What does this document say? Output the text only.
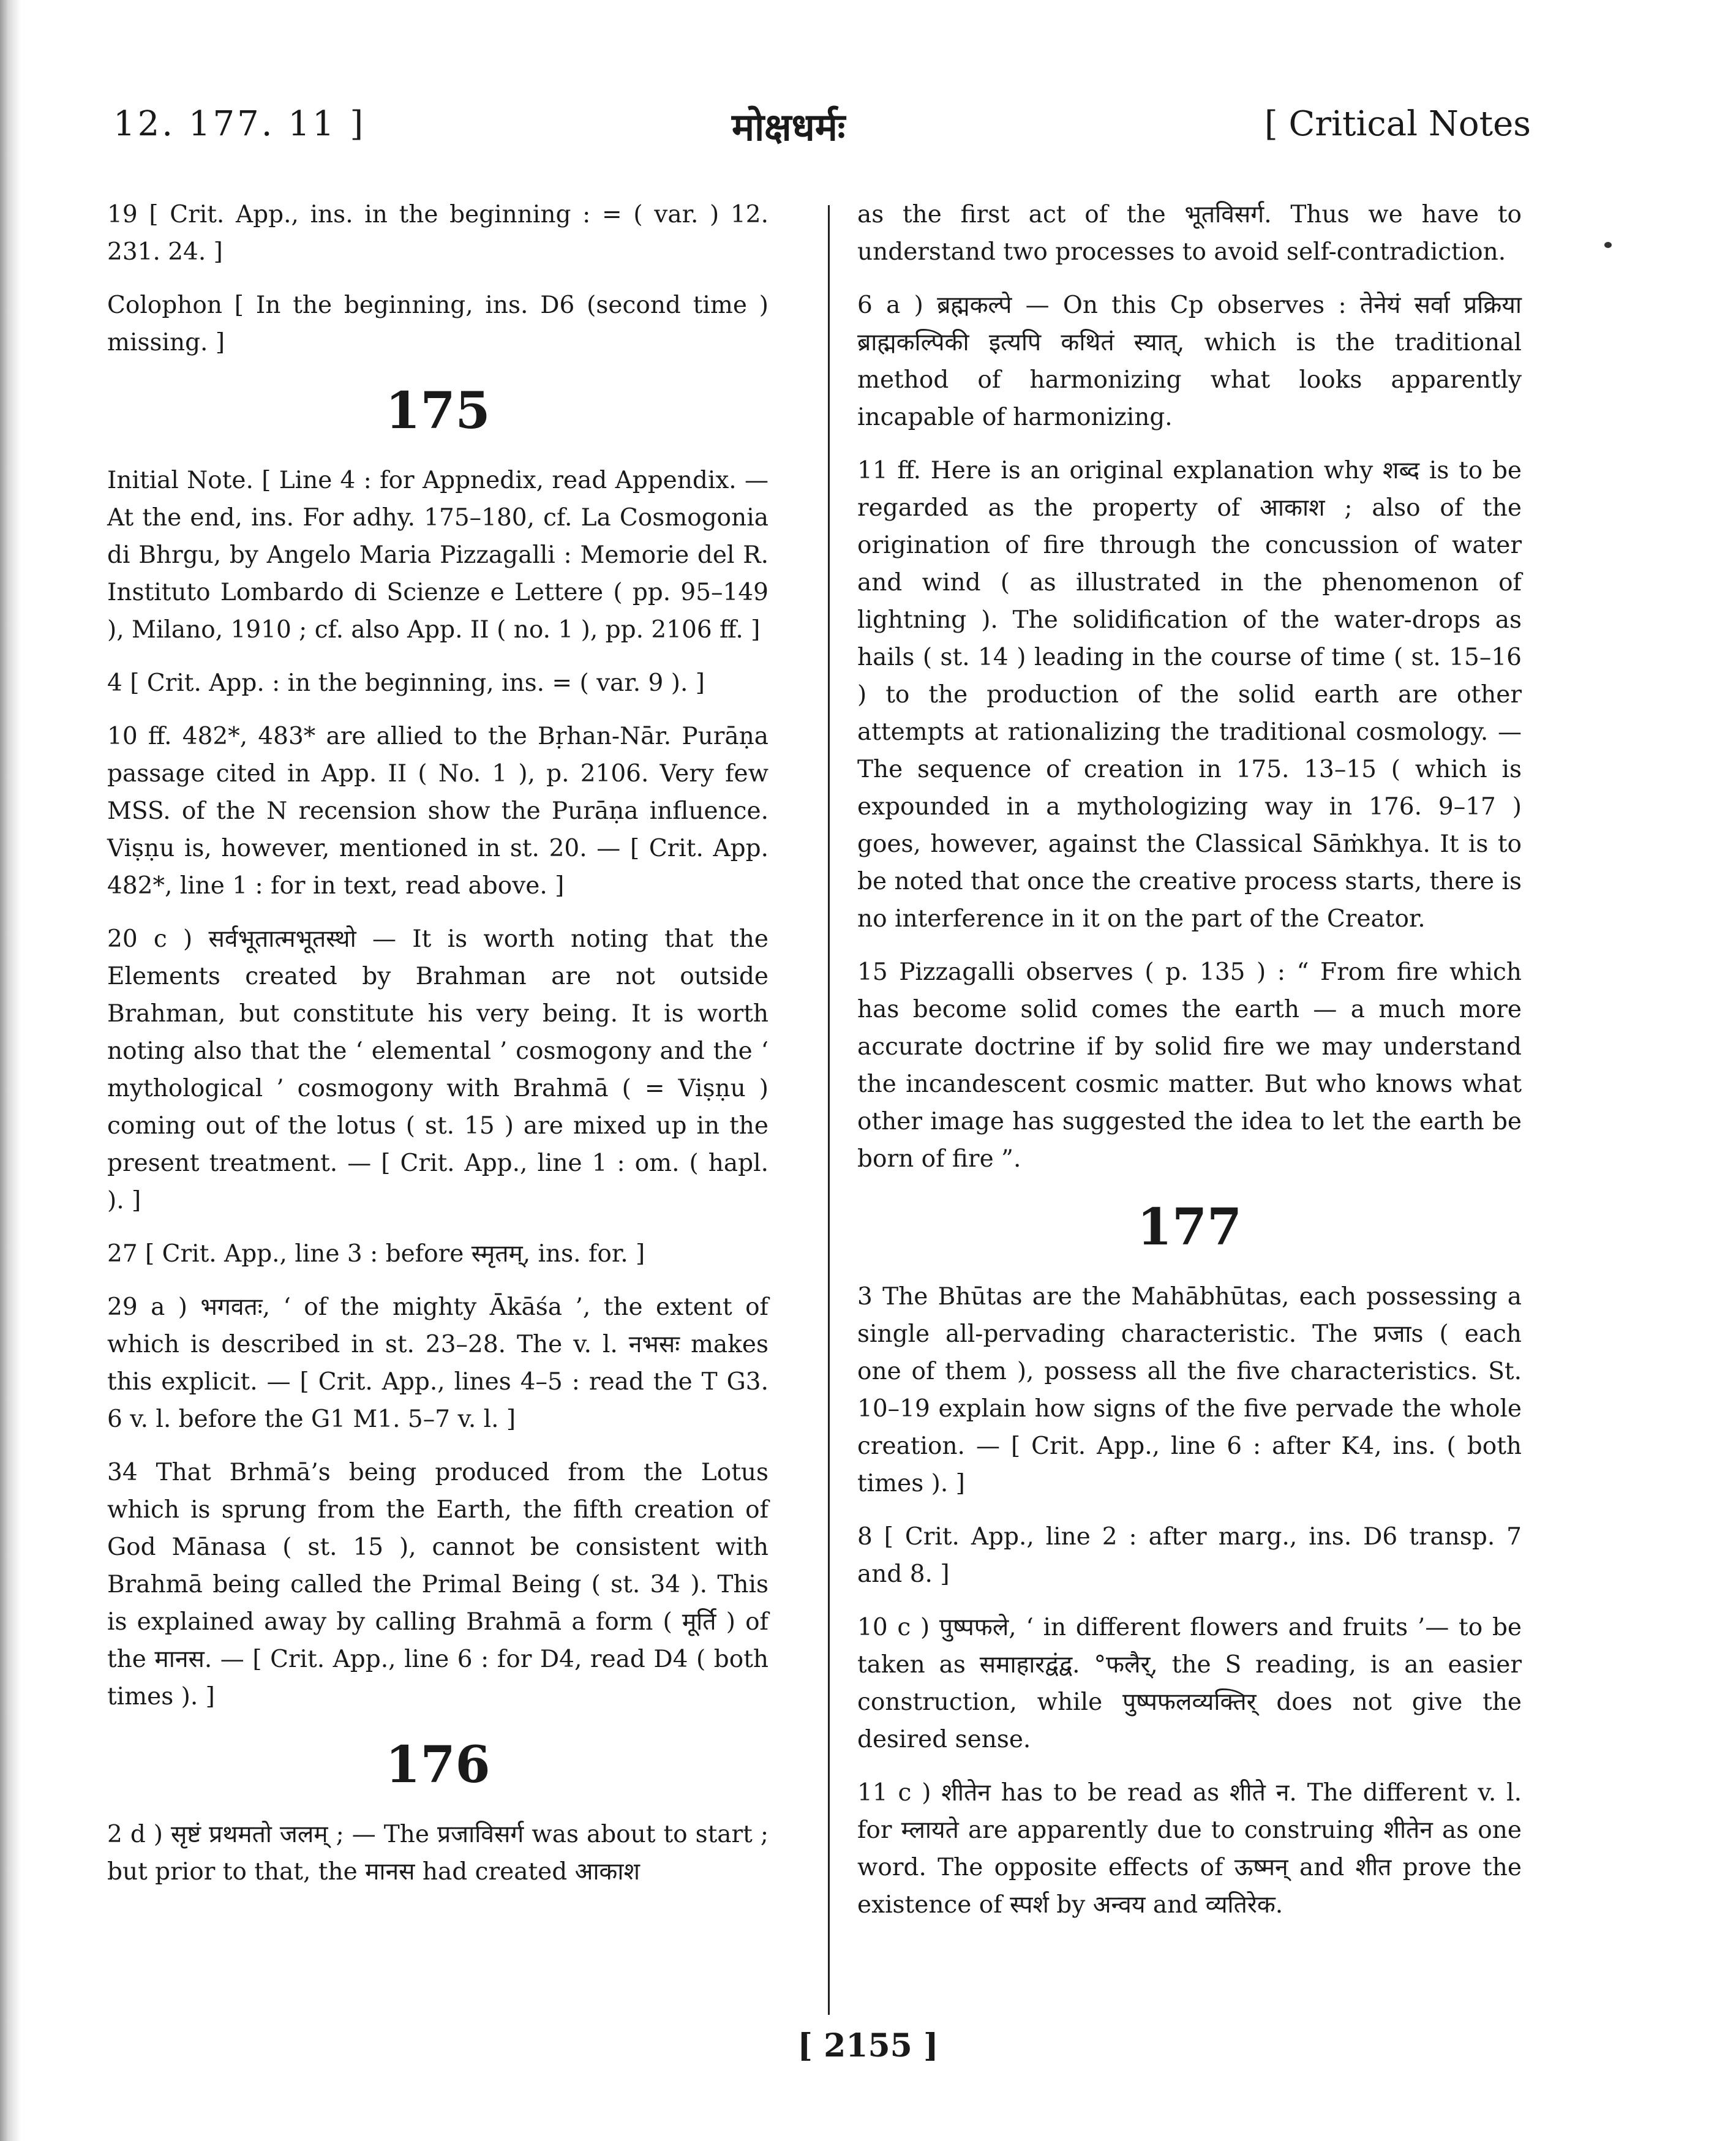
12. 177. 11 ]	मोक्षधर्मः	[ Critical Notes

19 [ Crit. App., ins. in the beginning : = ( var. ) 12. 231. 24. ]

Colophon [ In the beginning, ins. D6 (second time ) missing. ]

175

Initial Note. [ Line 4 : for Appnedix, read Appendix. — At the end, ins. For adhy. 175–180, cf. La Cosmogonia di Bhrgu, by Angelo Maria Pizzagalli : Memorie del R. Instituto Lombardo di Scienze e Lettere ( pp. 95–149 ), Milano, 1910 ; cf. also App. II ( no. 1 ), pp. 2106 ff. ]

4 [ Crit. App. : in the beginning, ins. = ( var. 9 ). ]

10 ff. 482*, 483* are allied to the Bṛhan-Nār. Purāṇa passage cited in App. II ( No. 1 ), p. 2106. Very few MSS. of the N recension show the Purāṇa influence. Viṣṇu is, however, mentioned in st. 20. — [ Crit. App. 482*, line 1 : for in text, read above. ]

20 c ) सर्वभूतात्मभूतस्थो — It is worth noting that the Elements created by Brahman are not outside Brahman, but constitute his very being. It is worth noting also that the ‘ elemental ’ cosmogony and the ‘ mythological ’ cosmogony with Brahmā ( = Viṣṇu ) coming out of the lotus ( st. 15 ) are mixed up in the present treatment. — [ Crit. App., line 1 : om. ( hapl. ). ]

27 [ Crit. App., line 3 : before स्मृतम्, ins. for. ]

29 a ) भगवतः, ‘ of the mighty Ākāśa ’, the extent of which is described in st. 23–28. The v. l. नभसः makes this explicit. — [ Crit. App., lines 4–5 : read the T G3. 6 v. l. before the G1 M1. 5–7 v. l. ]

34 That Brhmā’s being produced from the Lotus which is sprung from the Earth, the fifth creation of God Mānasa ( st. 15 ), cannot be consistent with Brahmā being called the Primal Being ( st. 34 ). This is explained away by calling Brahmā a form ( मूर्ति ) of the मानस. — [ Crit. App., line 6 : for D4, read D4 ( both times ). ]

176

2 d ) सृष्टं प्रथमतो जलम् ; — The प्रजाविसर्ग was about to start ; but prior to that, the मानस had created आकाश

as the first act of the भूतविसर्ग. Thus we have to understand two processes to avoid self-contradiction.

6 a ) ब्रह्मकल्पे — On this Cp observes : तेनेयं सर्वा प्रक्रिया ब्राह्मकल्पिकी इत्यपि कथितं स्यात्, which is the traditional method of harmonizing what looks apparently incapable of harmonizing.

11 ff. Here is an original explanation why शब्द is to be regarded as the property of आकाश ; also of the origination of fire through the concussion of water and wind ( as illustrated in the phenomenon of lightning ). The solidification of the water-drops as hails ( st. 14 ) leading in the course of time ( st. 15–16 ) to the production of the solid earth are other attempts at rationalizing the traditional cosmology. — The sequence of creation in 175. 13–15 ( which is expounded in a mythologizing way in 176. 9–17 ) goes, however, against the Classical Sāṁkhya. It is to be noted that once the creative process starts, there is no interference in it on the part of the Creator.

15 Pizzagalli observes ( p. 135 ) : “ From fire which has become solid comes the earth — a much more accurate doctrine if by solid fire we may understand the incandescent cosmic matter. But who knows what other image has suggested the idea to let the earth be born of fire ”.

177

3 The Bhūtas are the Mahābhūtas, each possessing a single all-pervading characteristic. The प्रजाs ( each one of them ), possess all the five characteristics. St. 10–19 explain how signs of the five pervade the whole creation. — [ Crit. App., line 6 : after K4, ins. ( both times ). ]

8 [ Crit. App., line 2 : after marg., ins. D6 transp. 7 and 8. ]

10 c ) पुष्पफले, ‘ in different flowers and fruits ’— to be taken as समाहारद्वंद्व. °फलैर्, the S reading, is an easier construction, while पुष्पफलव्यक्तिर् does not give the desired sense.

11 c ) शीतेन has to be read as शीते न. The different v. l. for म्लायते are apparently due to construing शीतेन as one word. The opposite effects of ऊष्मन् and शीत prove the existence of स्पर्श by अन्वय and व्यतिरेक.

[ 2155 ]
